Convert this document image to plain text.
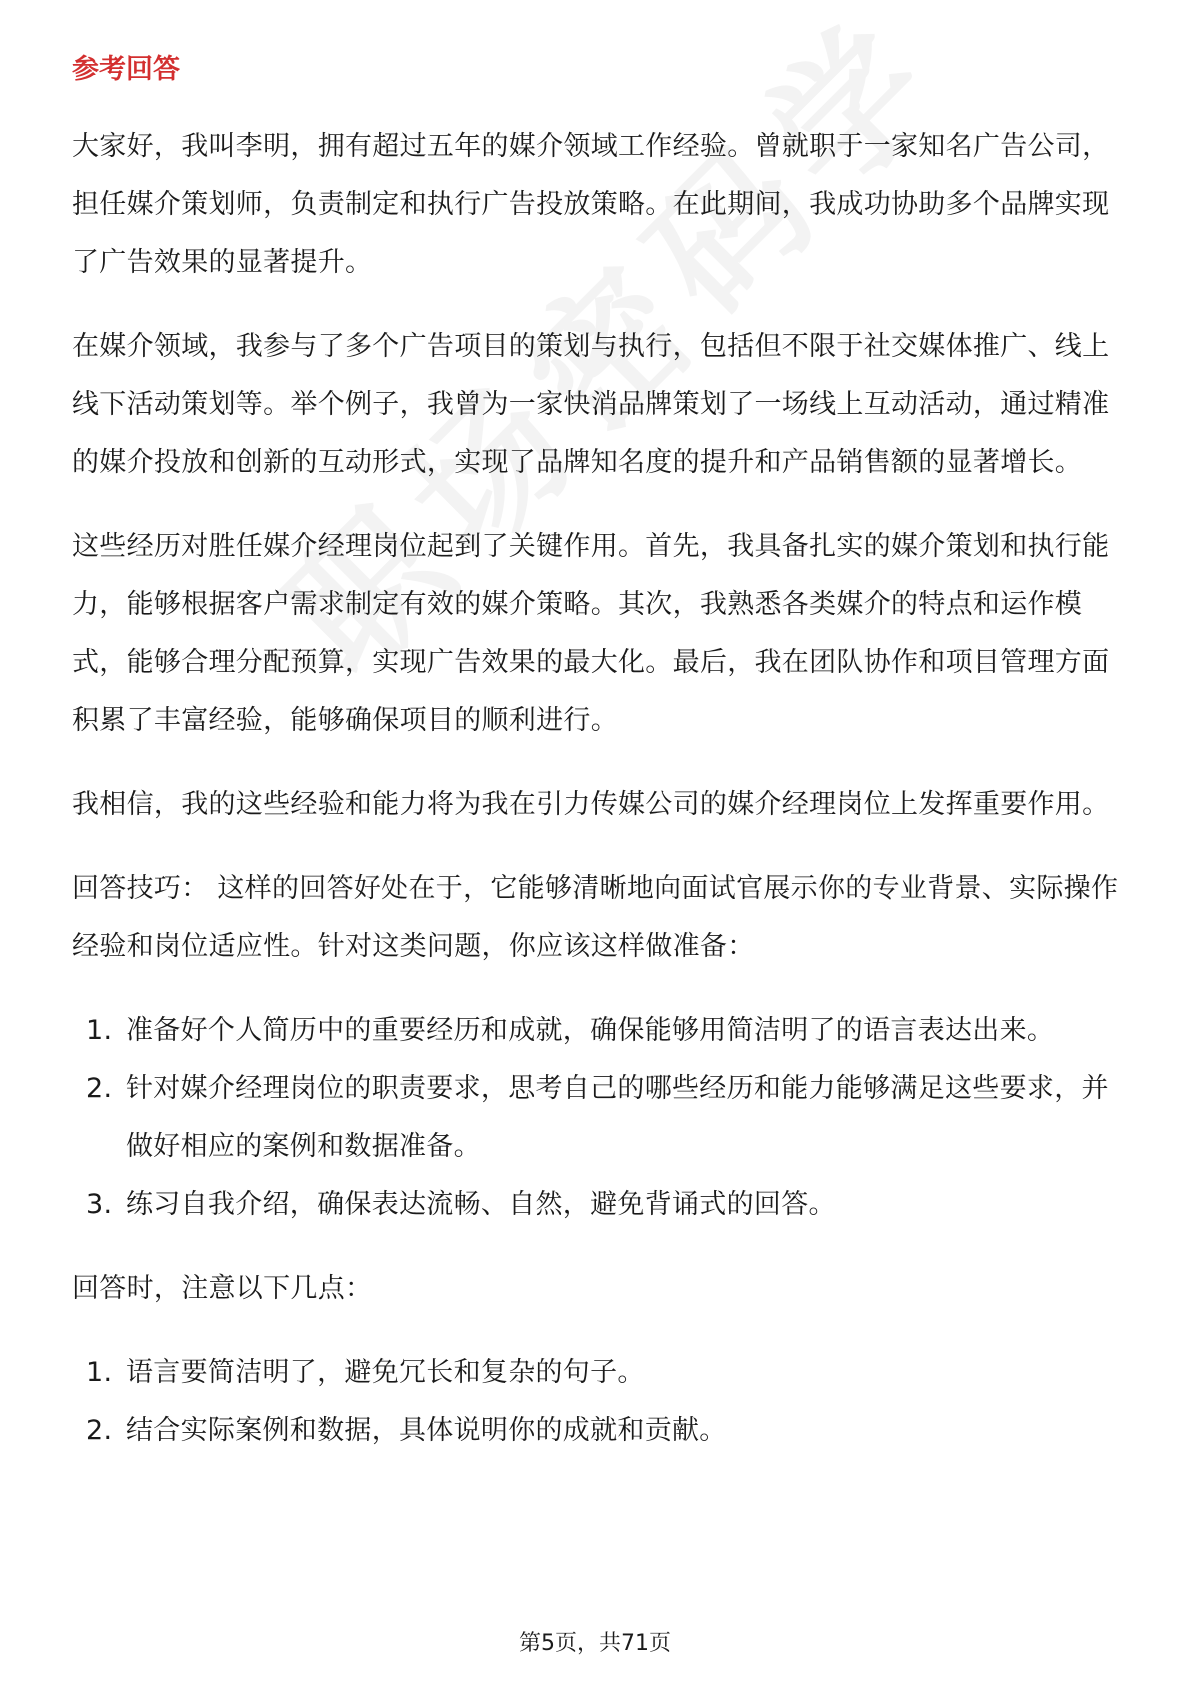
参考回答

大家好，我叫李明，拥有超过五年的媒介领域工作经验。曾就职于一家知名广告公司，担任媒介策划师，负责制定和执行广告投放策略。在此期间，我成功协助多个品牌实现了广告效果的显著提升。

在媒介领域，我参与了多个广告项目的策划与执行，包括但不限于社交媒体推广、线上线下活动策划等。举个例子，我曾为一家快消品牌策划了一场线上互动活动，通过精准的媒介投放和创新的互动形式，实现了品牌知名度的提升和产品销售额的显著增长。

这些经历对胜任媒介经理岗位起到了关键作用。首先，我具备扎实的媒介策划和执行能力，能够根据客户需求制定有效的媒介策略。其次，我熟悉各类媒介的特点和运作模式，能够合理分配预算，实现广告效果的最大化。最后，我在团队协作和项目管理方面积累了丰富经验，能够确保项目的顺利进行。

我相信，我的这些经验和能力将为我在引力传媒公司的媒介经理岗位上发挥重要作用。

回答技巧： 这样的回答好处在于，它能够清晰地向面试官展示你的专业背景、实际操作经验和岗位适应性。针对这类问题，你应该这样做准备：

1. 准备好个人简历中的重要经历和成就，确保能够用简洁明了的语言表达出来。
2. 针对媒介经理岗位的职责要求，思考自己的哪些经历和能力能够满足这些要求，并做好相应的案例和数据准备。
3. 练习自我介绍，确保表达流畅、自然，避免背诵式的回答。

回答时，注意以下几点：

1. 语言要简洁明了，避免冗长和复杂的句子。
2. 结合实际案例和数据，具体说明你的成就和贡献。
第5页，共71页
